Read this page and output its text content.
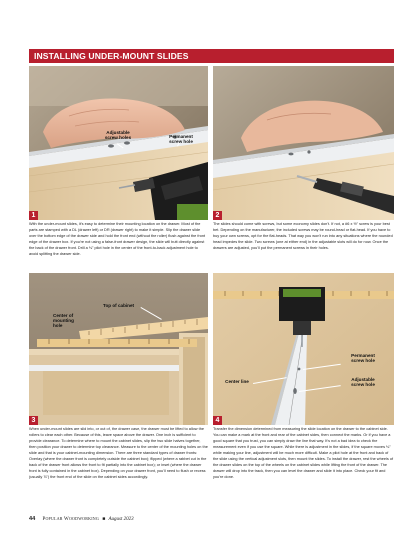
INSTALLING UNDER-MOUNT SLIDES
Adjustable
screw holes	Permanent
screw hole
1
With the under-mount slides, it's easy to determine their mounting location on the drawer. Most of the parts are stamped with a DL (drawer left) or DR (drawer right) to make it simple. Slip the drawer slide over the bottom edge of the drawer side and hold the front end (without the roller) flush against the front edge of the drawer box. If you're not using a false-front drawer design, the slide will butt directly against the back of the drawer front. Drill a ⅛" pilot hole in the center of the front-to-back adjustment hole to avoid splitting the drawer side.
2
The slides should come with screws, but some economy slides don't. If not, a #6 x ½" screw is your best bet. Depending on the manufacturer, the included screws may be round-head or flat-head. If you have to buy your own screws, opt for the flat-heads. That way you won't run into any situations where the rounded head impedes the slide. Two screws (one at either end) in the adjustable slots will do for now. Once the drawers are adjusted, you'll put the permanent screws in their holes.
Center of
mounting
hole
Top of cabinet
3
When under-mount slides are slid into, or out of, the drawer case, the drawer must be lifted to allow the rollers to clear each other. Because of this, leave space above the drawer. One inch is sufficient to provide clearance. To determine where to mount the cabinet slides, slip the two slide halves together, then position your drawer to determine top clearance. Measure to the center of the mounting holes on the slide and that is your cabinet-mounting dimension. There are three standard types of drawer fronts: Overlay (where the drawer front is completely outside the cabinet box); flipped (where a rabbet cut in the back of the drawer front allows the front to fit partially into the cabinet box); or inset (where the drawer front is fully contained in the cabinet box). Depending on your drawer front, you'll need to flush or recess (usually ⅞") the front end of the slide on the cabinet sides accordingly.
Center line
Permanent
screw hole
Adjustable
screw hole
4
Transfer the dimension determined from measuring the slide location on the drawer to the cabinet side. You can make a mark at the front and rear of the cabinet sides, then connect the marks. Or if you have a good square that you trust, you can simply draw the line that way. It's not a bad idea to check the measurement even if you use the square. While there is adjustment in the slides, if the square moves ⅛" while making your line, adjustment will be much more difficult. Make a pilot hole at the front and back of the slide using the vertical adjustment slots, then mount the slides. To install the drawer, rest the wheels of the drawer slides on the top of the wheels on the cabinet slides while lifting the front of the drawer. The drawer will drop into the track, then you can level the drawer and slide it into place. Check your fit and you're done.
44 Popular Woodworking ■ August 2023
